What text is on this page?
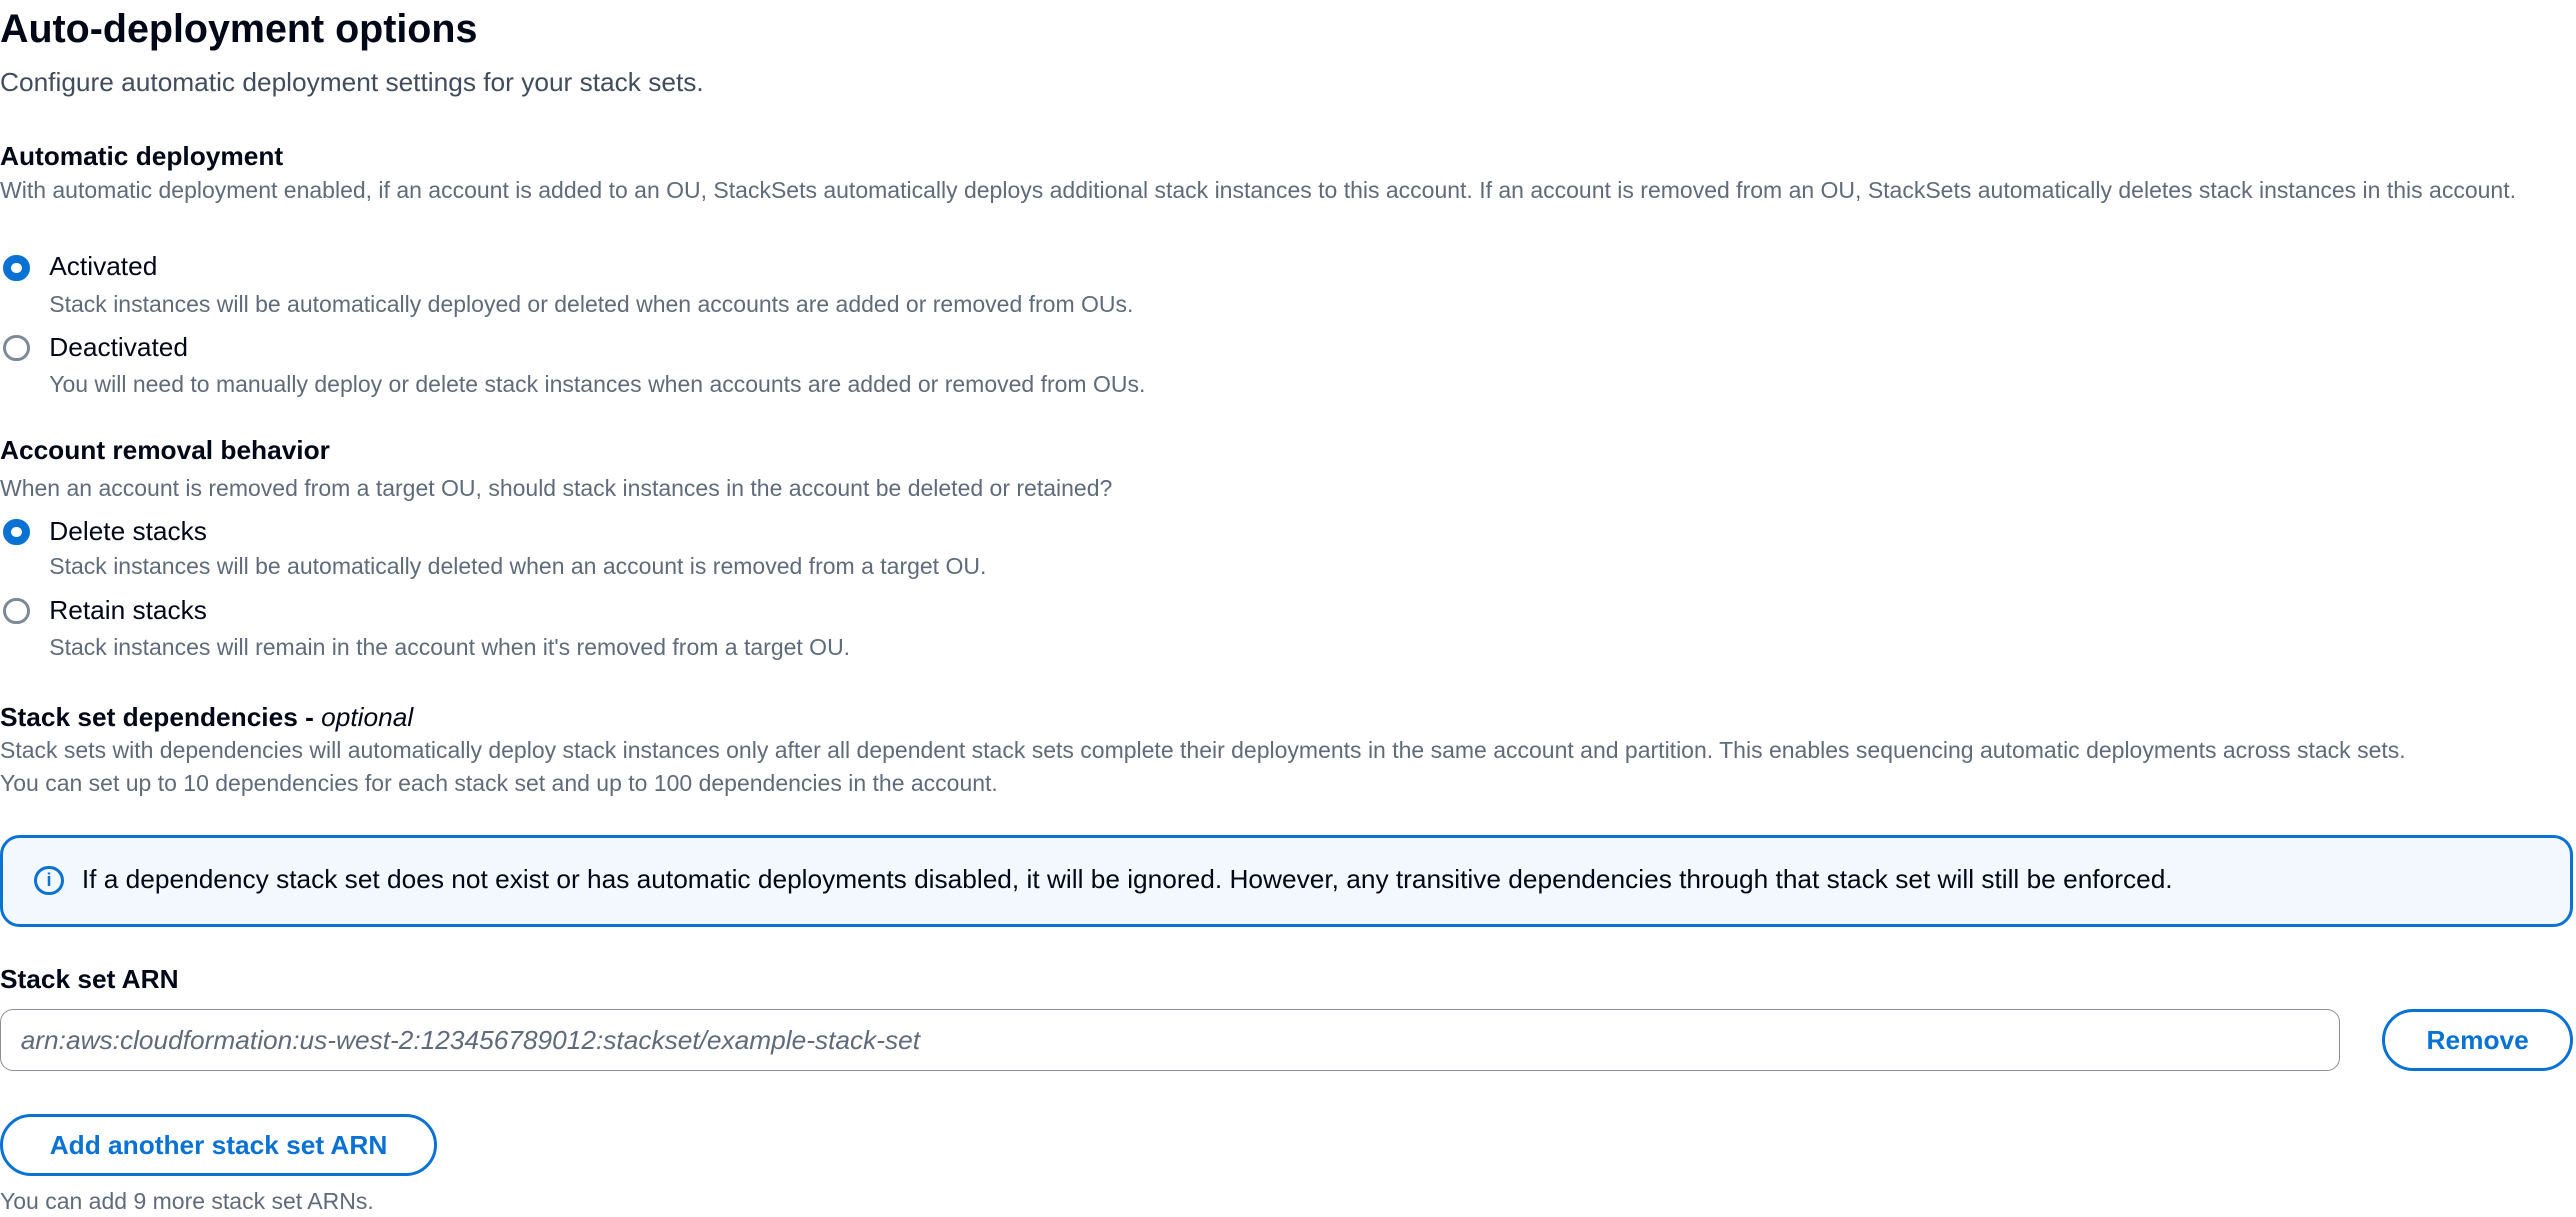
Auto-deployment options
Configure automatic deployment settings for your stack sets.
Automatic deployment
With automatic deployment enabled, if an account is added to an OU, StackSets automatically deploys additional stack instances to this account. If an account is removed from an OU, StackSets automatically deletes stack instances in this account.
Activated
Stack instances will be automatically deployed or deleted when accounts are added or removed from OUs.
Deactivated
You will need to manually deploy or delete stack instances when accounts are added or removed from OUs.
Account removal behavior
When an account is removed from a target OU, should stack instances in the account be deleted or retained?
Delete stacks
Stack instances will be automatically deleted when an account is removed from a target OU.
Retain stacks
Stack instances will remain in the account when it's removed from a target OU.
Stack set dependencies - optional
Stack sets with dependencies will automatically deploy stack instances only after all dependent stack sets complete their deployments in the same account and partition. This enables sequencing automatic deployments across stack sets.
You can set up to 10 dependencies for each stack set and up to 100 dependencies in the account.
i	If a dependency stack set does not exist or has automatic deployments disabled, it will be ignored. However, any transitive dependencies through that stack set will still be enforced.
Stack set ARN
arn:aws:cloudformation:us-west-2:123456789012:stackset/example-stack-set
Remove
Add another stack set ARN
You can add 9 more stack set ARNs.
